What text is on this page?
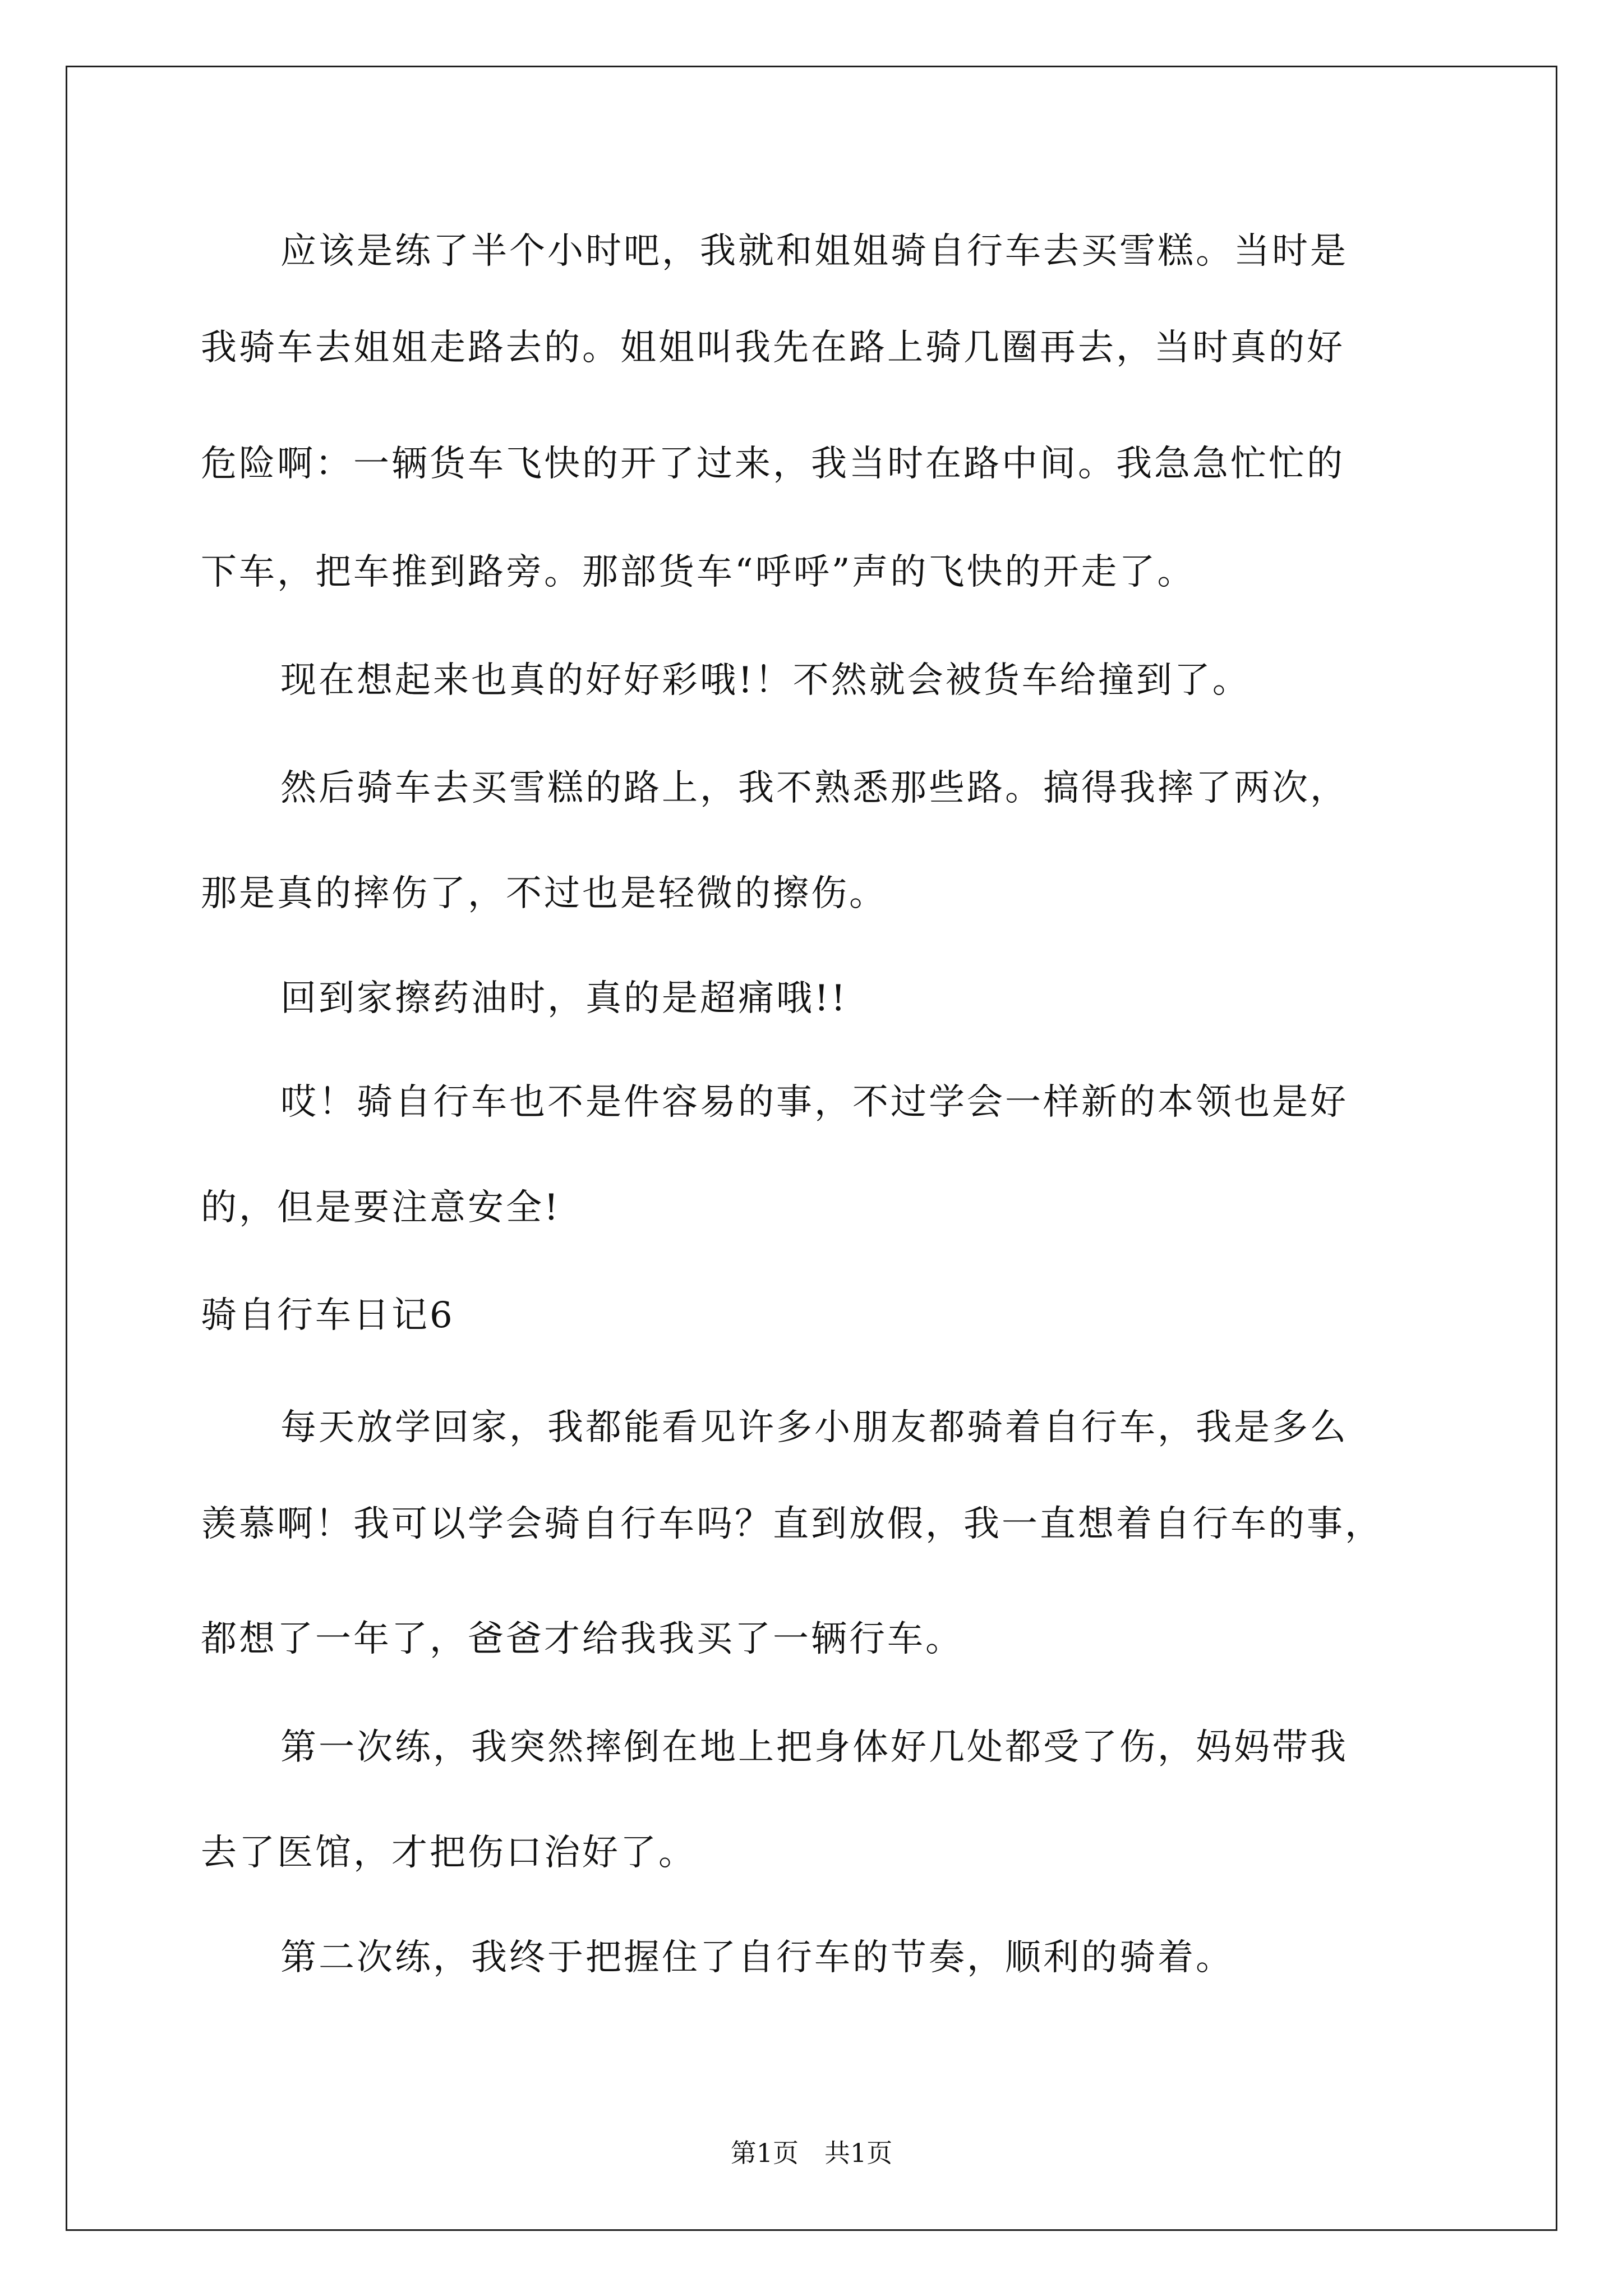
应该是练了半个小时吧，我就和姐姐骑自行车去买雪糕。当时是
我骑车去姐姐走路去的。姐姐叫我先在路上骑几圈再去，当时真的好
危险啊：一辆货车飞快的开了过来，我当时在路中间。我急急忙忙的
下车，把车推到路旁。那部货车“呼呼”声的飞快的开走了。
现在想起来也真的好好彩哦!！不然就会被货车给撞到了。
然后骑车去买雪糕的路上，我不熟悉那些路。搞得我摔了两次，
那是真的摔伤了，不过也是轻微的擦伤。
回到家擦药油时，真的是超痛哦!!
哎！骑自行车也不是件容易的事，不过学会一样新的本领也是好
的，但是要注意安全!
骑自行车日记6
每天放学回家，我都能看见许多小朋友都骑着自行车，我是多么
羡慕啊！我可以学会骑自行车吗？直到放假，我一直想着自行车的事，
都想了一年了，爸爸才给我我买了一辆行车。
第一次练，我突然摔倒在地上把身体好几处都受了伤，妈妈带我
去了医馆，才把伤口治好了。
第二次练，我终于把握住了自行车的节奏，顺利的骑着。
第1页　共1页
